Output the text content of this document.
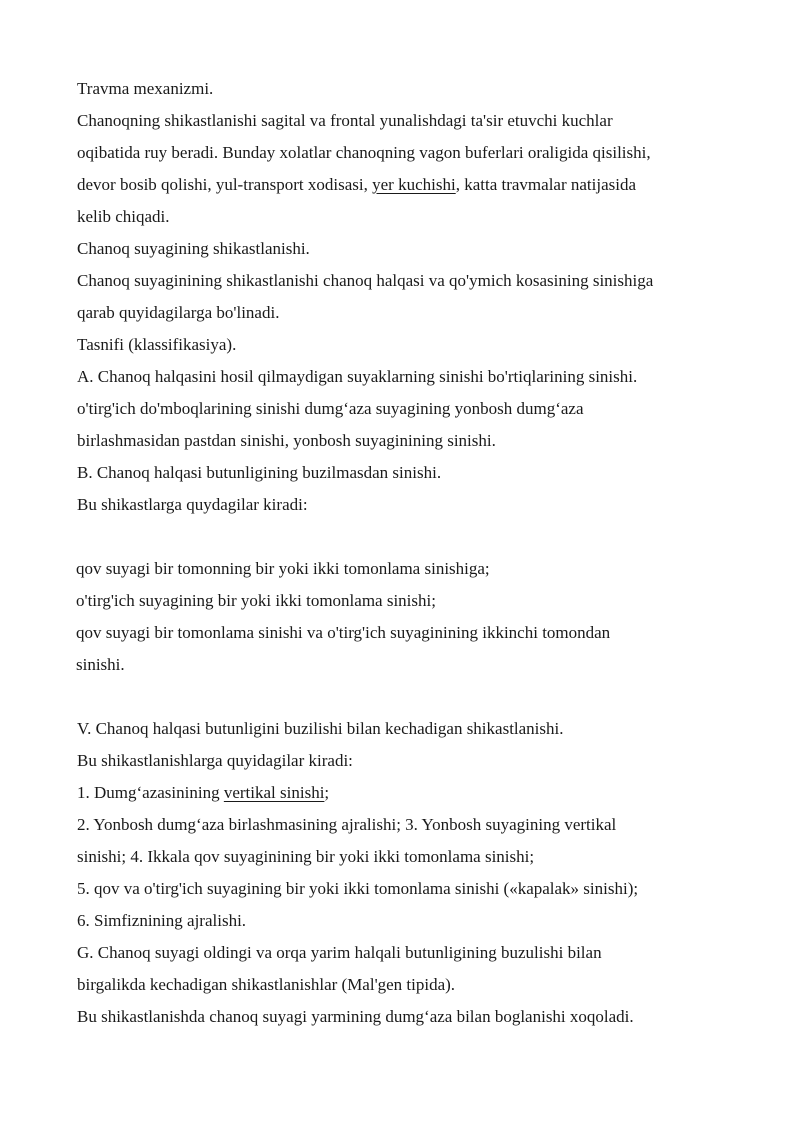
Travma mexanizmi.
Chanoqning shikastlanishi sagital va frontal yunalishdagi ta'sir etuvchi kuchlar
oqibatida ruy beradi. Bunday xolatlar chanoqning vagon buferlari oraligida qisilishi,
devor bosib qolishi, yul-transport xodisasi, yer kuchishi, katta travmalar natijasida
kelib chiqadi.
Chanoq suyagining shikastlanishi.
Chanoq suyaginining shikastlanishi chanoq halqasi va qo'ymich kosasining sinishiga
qarab quyidagilarga bo'linadi.
Tasnifi (klassifikasiya).
A. Chanoq halqasini hosil qilmaydigan suyaklarning sinishi bo'rtiqlarining sinishi.
o'tirg'ich do'mboqlarining sinishi dumg‘aza suyagining yonbosh dumg‘aza
birlashmasidan pastdan sinishi, yonbosh suyaginining sinishi.
B. Chanoq halqasi butunligining buzilmasdan sinishi.
Bu shikastlarga quydagilar kiradi:
qov suyagi bir tomonning bir yoki ikki tomonlama sinishiga;
o'tirg'ich suyagining bir yoki ikki tomonlama sinishi;
qov suyagi bir tomonlama sinishi va o'tirg'ich suyaginining ikkinchi tomondan
sinishi.
V. Chanoq halqasi butunligini buzilishi bilan kechadigan shikastlanishi.
Bu shikastlanishlarga quyidagilar kiradi:
1. Dumg‘azasinining vertikal sinishi;
2. Yonbosh dumg‘aza birlashmasining ajralishi; 3. Yonbosh suyagining vertikal
sinishi; 4. Ikkala qov suyaginining bir yoki ikki tomonlama sinishi;
5. qov va o'tirg'ich suyagining bir yoki ikki tomonlama sinishi («kapalak» sinishi);
6. Simfiznining ajralishi.
G. Chanoq suyagi oldingi va orqa yarim halqali butunligining buzulishi bilan
birgalikda kechadigan shikastlanishlar (Mal'gen tipida).
Bu shikastlanishda chanoq suyagi yarmining dumg‘aza bilan boglanishi xoqoladi.
